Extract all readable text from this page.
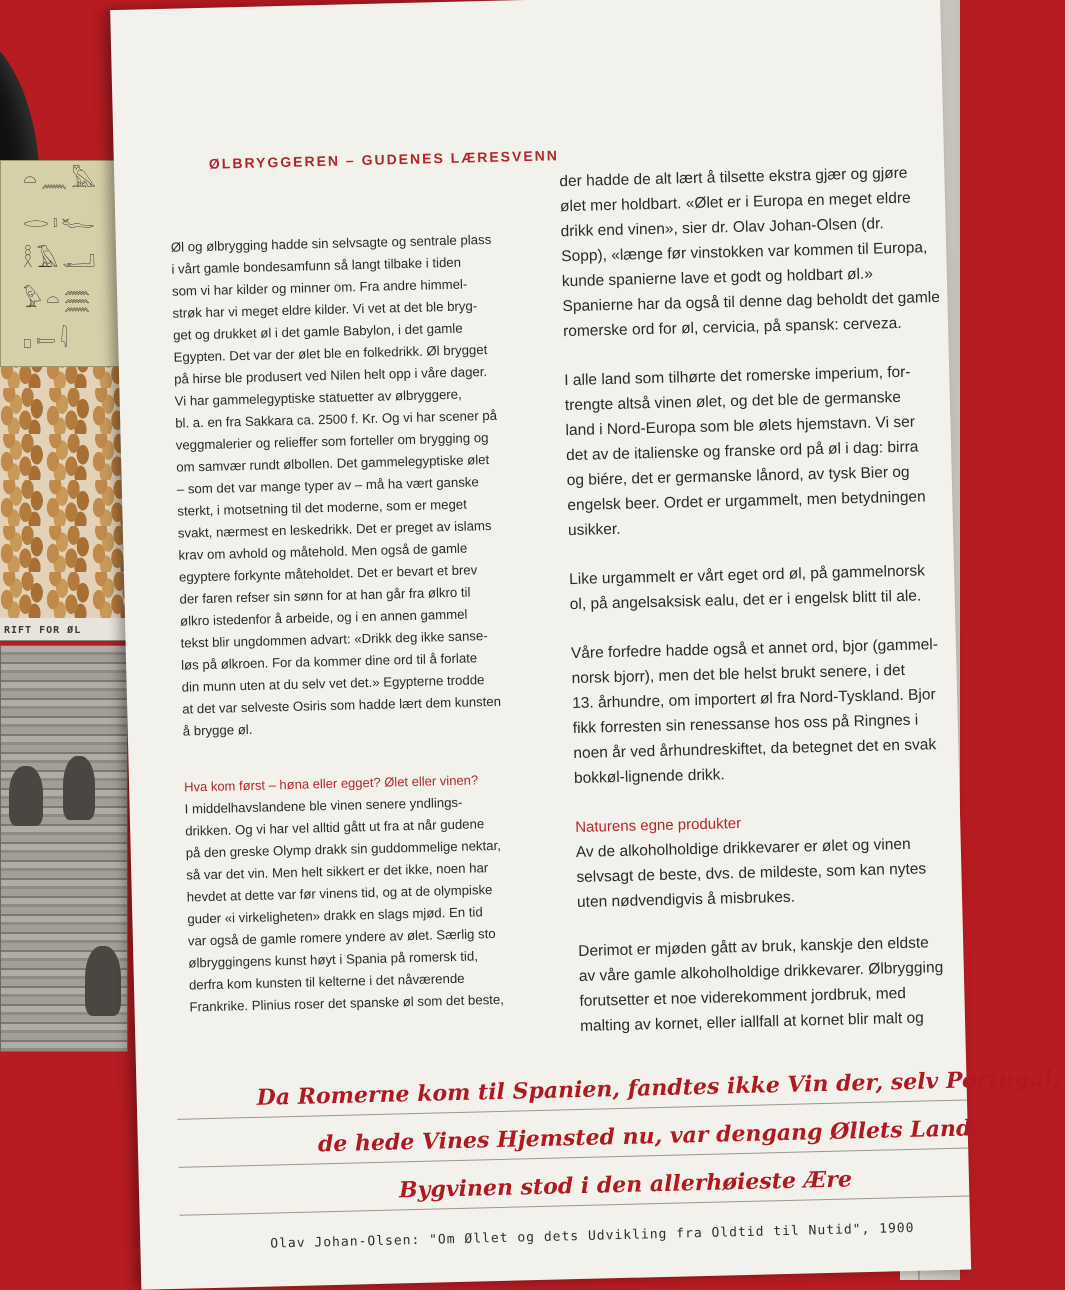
𓏏𓈖𓅓
𓂋𓏤𓆑
𓎛𓄿𓂝
𓅱𓏏𓈗
𓊪𓍿𓇋
RIFT FOR ØL
ØLBRYGGEREN – GUDENES LÆRESVENN

Øl og ølbrygging hadde sin selvsagte og sentrale plass
i vårt gamle bondesamfunn så langt tilbake i tiden
som vi har kilder og minner om. Fra andre himmel-
strøk har vi meget eldre kilder. Vi vet at det ble bryg-
get og drukket øl i det gamle Babylon, i det gamle
Egypten. Det var der ølet ble en folkedrikk. Øl brygget
på hirse ble produsert ved Nilen helt opp i våre dager.
Vi har gammelegyptiske statuetter av ølbryggere,
bl. a. en fra Sakkara ca. 2500 f. Kr. Og vi har scener på
veggmalerier og relieffer som forteller om brygging og
om samvær rundt ølbollen. Det gammelegyptiske ølet
– som det var mange typer av – må ha vært ganske
sterkt, i motsetning til det moderne, som er meget
svakt, nærmest en leskedrikk. Det er preget av islams
krav om avhold og måtehold. Men også de gamle
egyptere forkynte måteholdet. Det er bevart et brev
der faren refser sin sønn for at han går fra ølkro til
ølkro istedenfor å arbeide, og i en annen gammel
tekst blir ungdommen advart: «Drikk deg ikke sanse-
løs på ølkroen. For da kommer dine ord til å forlate
din munn uten at du selv vet det.» Egypterne trodde
at det var selveste Osiris som hadde lært dem kunsten
å brygge øl.

Hva kom først – høna eller egget? Ølet eller vinen?

I middelhavslandene ble vinen senere yndlings-
drikken. Og vi har vel alltid gått ut fra at når gudene
på den greske Olymp drakk sin guddommelige nektar,
så var det vin. Men helt sikkert er det ikke, noen har
hevdet at dette var før vinens tid, og at de olympiske
guder «i virkeligheten» drakk en slags mjød. En tid
var også de gamle romere yndere av ølet. Særlig sto
ølbryggingens kunst høyt i Spania på romersk tid,
derfra kom kunsten til kelterne i det nåværende
Frankrike. Plinius roser det spanske øl som det beste,

der hadde de alt lært å tilsette ekstra gjær og gjøre
ølet mer holdbart. «Ølet er i Europa en meget eldre
drikk end vinen», sier dr. Olav Johan-Olsen (dr.
Sopp), «længe før vinstokken var kommen til Europa,
kunde spanierne lave et godt og holdbart øl.»
Spanierne har da også til denne dag beholdt det gamle
romerske ord for øl, cervicia, på spansk: cerveza.

I alle land som tilhørte det romerske imperium, for-
trengte altså vinen ølet, og det ble de germanske
land i Nord-Europa som ble ølets hjemstavn. Vi ser
det av de italienske og franske ord på øl i dag: birra
og biére, det er germanske lånord, av tysk Bier og
engelsk beer. Ordet er urgammelt, men betydningen
usikker.

Like urgammelt er vårt eget ord øl, på gammelnorsk
ol, på angelsaksisk ealu, det er i engelsk blitt til ale.

Våre forfedre hadde også et annet ord, bjor (gammel-
norsk bjorr), men det ble helst brukt senere, i det
13. århundre, om importert øl fra Nord-Tyskland. Bjor
fikk forresten sin renessanse hos oss på Ringnes i
noen år ved århundreskiftet, da betegnet det en svak
bokkøl-lignende drikk.

Naturens egne produkter

Av de alkoholholdige drikkevarer er ølet og vinen
selvsagt de beste, dvs. de mildeste, som kan nytes
uten nødvendigvis å misbrukes.

Derimot er mjøden gått av bruk, kanskje den eldste
av våre gamle alkoholholdige drikkevarer. Ølbrygging
forutsetter et noe viderekomment jordbruk, med
malting av kornet, eller iallfall at kornet blir malt og

Da Romerne kom til Spanien, fandtes ikke Vin der, selv Portugal,
de hede Vines Hjemsted nu, var dengang Øllets Land.
Bygvinen stod i den allerhøieste Ære
Olav Johan-Olsen: "Om Øllet og dets Udvikling fra Oldtid til Nutid", 1900
